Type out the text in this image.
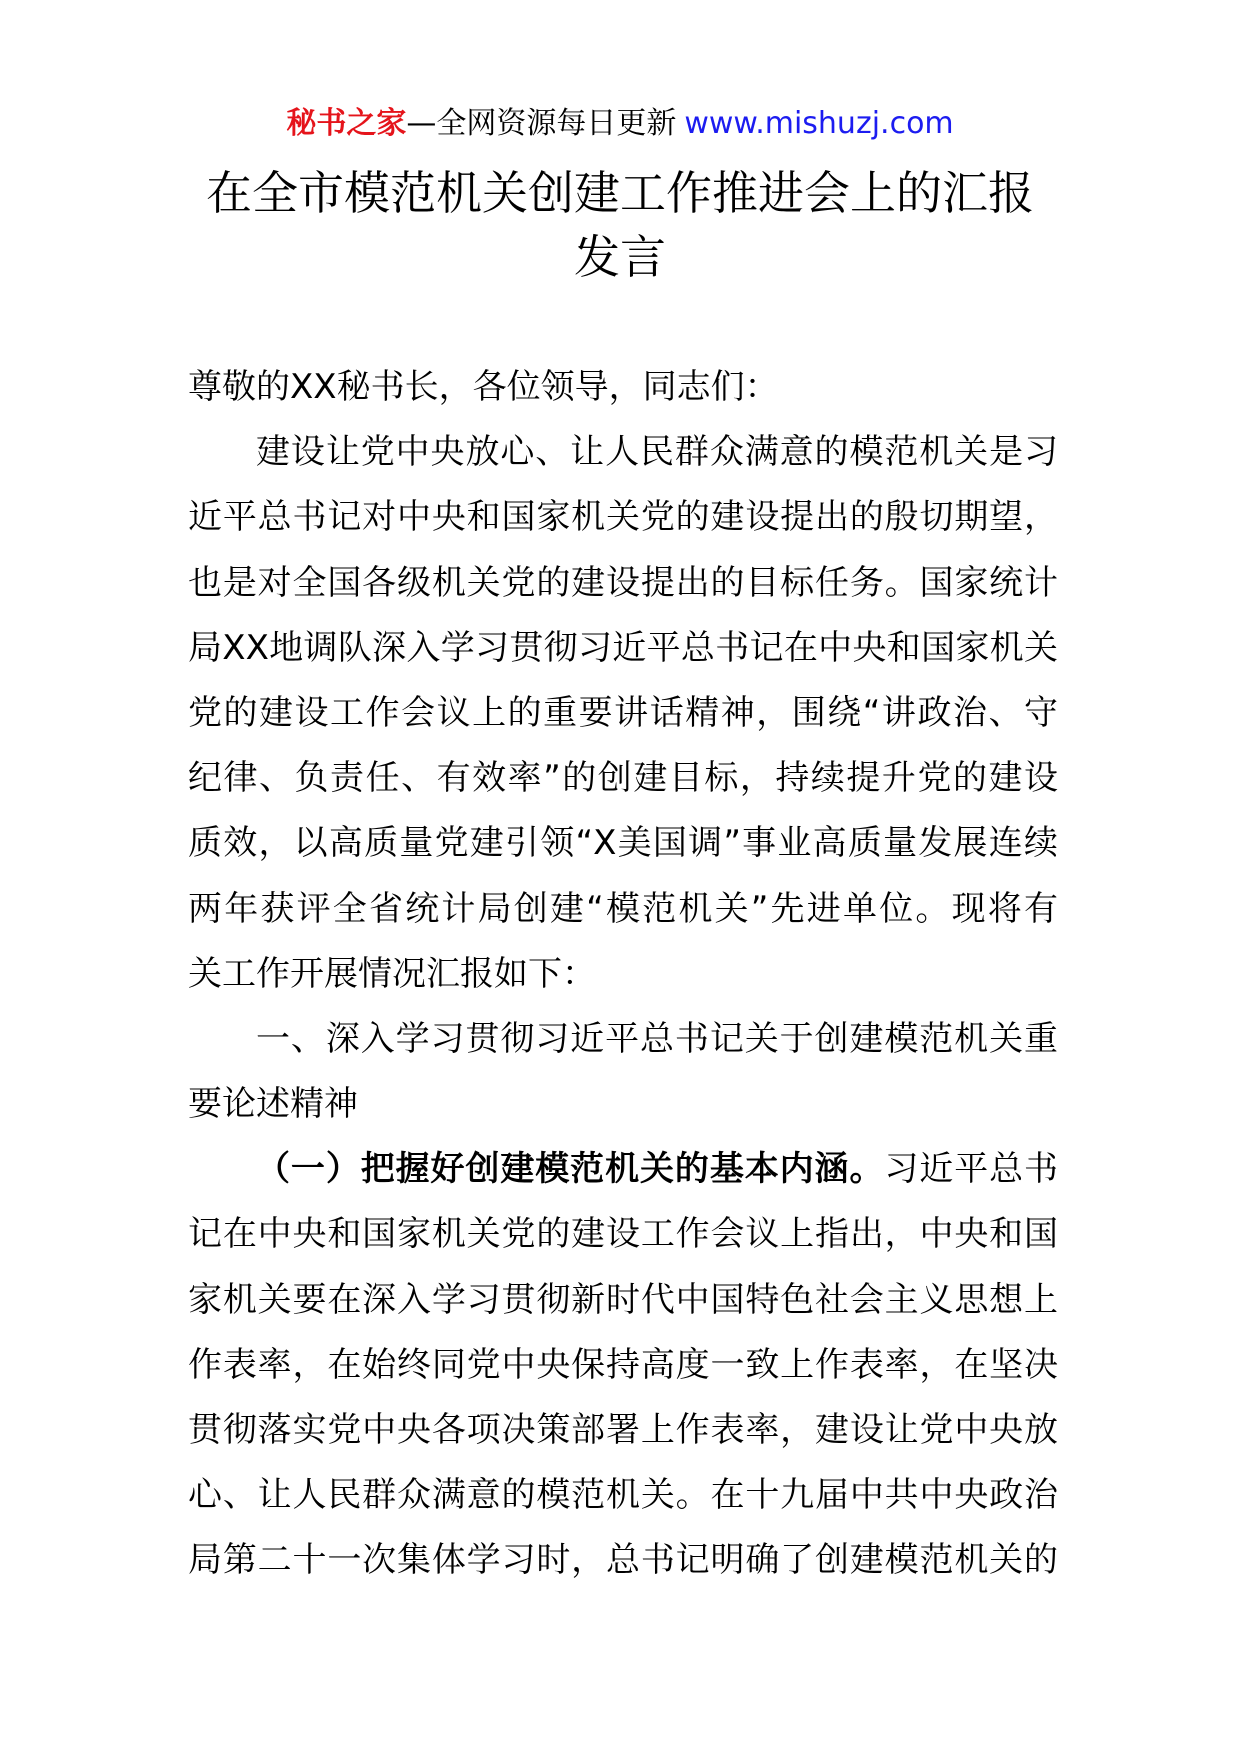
秘书之家—全网资源每日更新 www.mishuzj.com
在全市模范机关创建工作推进会上的汇报
发言
尊敬的XX秘书长，各位领导，同志们：
建设让党中央放心、让人民群众满意的模范机关是习
近平总书记对中央和国家机关党的建设提出的殷切期望，
也是对全国各级机关党的建设提出的目标任务。国家统计
局XX地调队深入学习贯彻习近平总书记在中央和国家机关
党的建设工作会议上的重要讲话精神，围绕“讲政治、守
纪律、负责任、有效率”的创建目标，持续提升党的建设
质效，以高质量党建引领“X美国调”事业高质量发展连续
两年获评全省统计局创建“模范机关”先进单位。现将有
关工作开展情况汇报如下：
一、深入学习贯彻习近平总书记关于创建模范机关重
要论述精神
（一）把握好创建模范机关的基本内涵。习近平总书
记在中央和国家机关党的建设工作会议上指出，中央和国
家机关要在深入学习贯彻新时代中国特色社会主义思想上
作表率，在始终同党中央保持高度一致上作表率，在坚决
贯彻落实党中央各项决策部署上作表率，建设让党中央放
心、让人民群众满意的模范机关。在十九届中共中央政治
局第二十一次集体学习时，总书记明确了创建模范机关的
